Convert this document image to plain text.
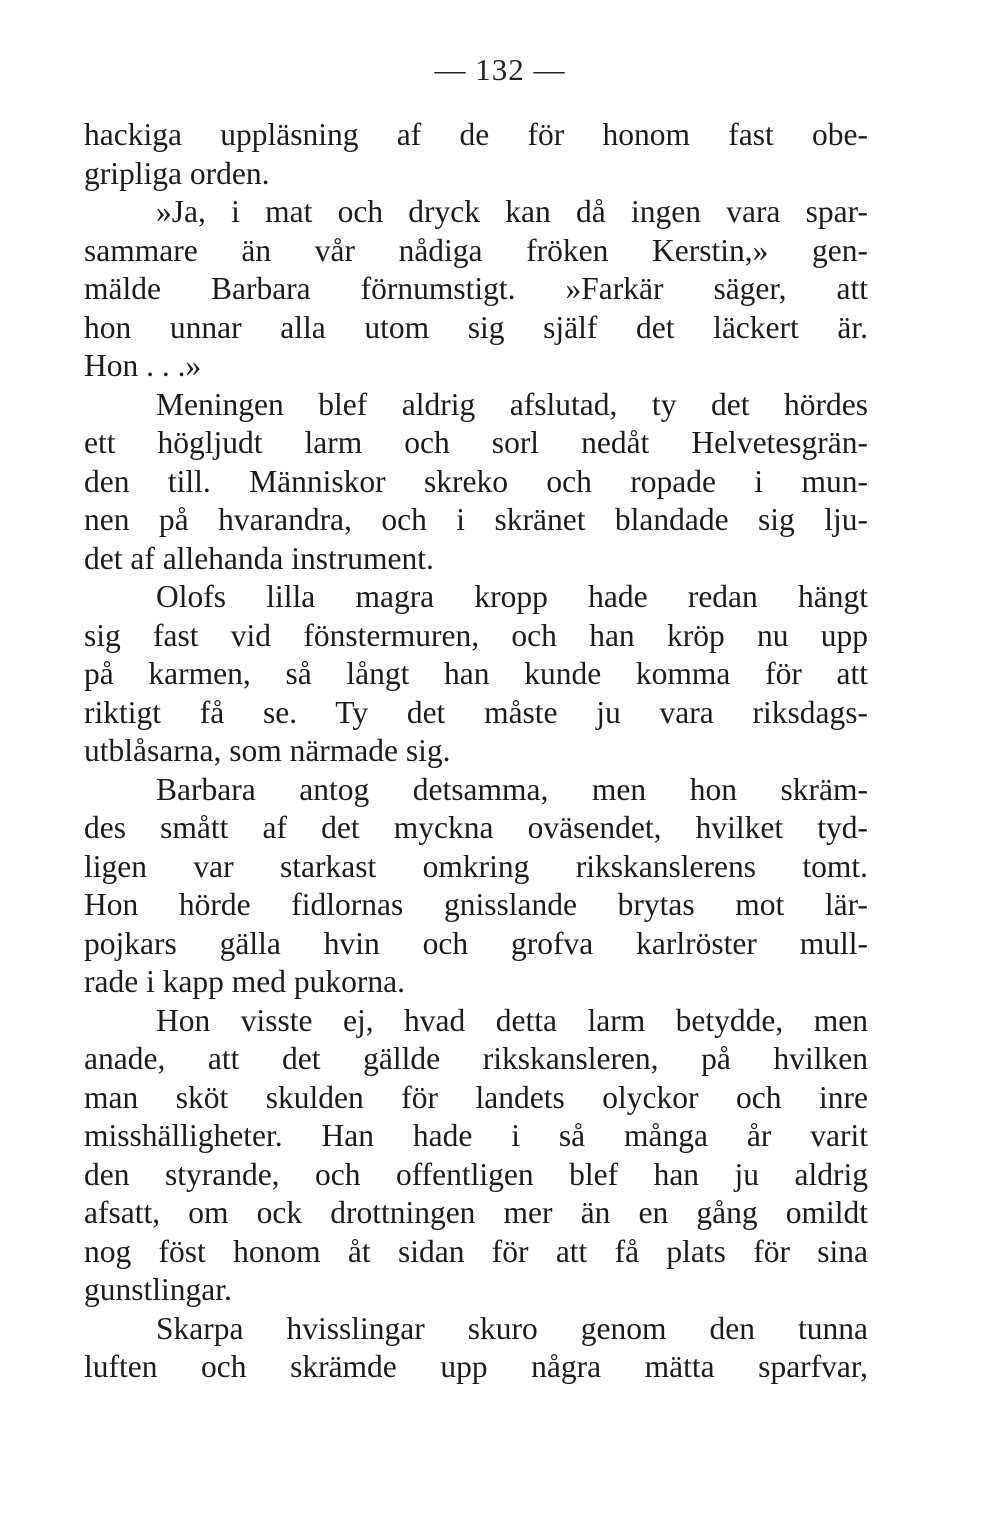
— 132 —
hackiga uppläsning af de för honom fast obe-
gripliga orden.
»Ja, i mat och dryck kan då ingen vara spar-
sammare än vår nådiga fröken Kerstin,» gen-
mälde Barbara förnumstigt. »Farkär säger, att
hon unnar alla utom sig själf det läckert är.
Hon . . .»
Meningen blef aldrig afslutad, ty det hördes
ett högljudt larm och sorl nedåt Helvetesgrän-
den till. Människor skreko och ropade i mun-
nen på hvarandra, och i skränet blandade sig lju-
det af allehanda instrument.
Olofs lilla magra kropp hade redan hängt
sig fast vid fönstermuren, och han kröp nu upp
på karmen, så långt han kunde komma för att
riktigt få se. Ty det måste ju vara riksdags-
utblåsarna, som närmade sig.
Barbara antog detsamma, men hon skräm-
des smått af det myckna oväsendet, hvilket tyd-
ligen var starkast omkring rikskanslerens tomt.
Hon hörde fidlornas gnisslande brytas mot lär-
pojkars gälla hvin och grofva karlröster mull-
rade i kapp med pukorna.
Hon visste ej, hvad detta larm betydde, men
anade, att det gällde rikskansleren, på hvilken
man sköt skulden för landets olyckor och inre
misshälligheter. Han hade i så många år varit
den styrande, och offentligen blef han ju aldrig
afsatt, om ock drottningen mer än en gång omildt
nog föst honom åt sidan för att få plats för sina
gunstlingar.
Skarpa hvisslingar skuro genom den tunna
luften och skrämde upp några mätta sparfvar,
